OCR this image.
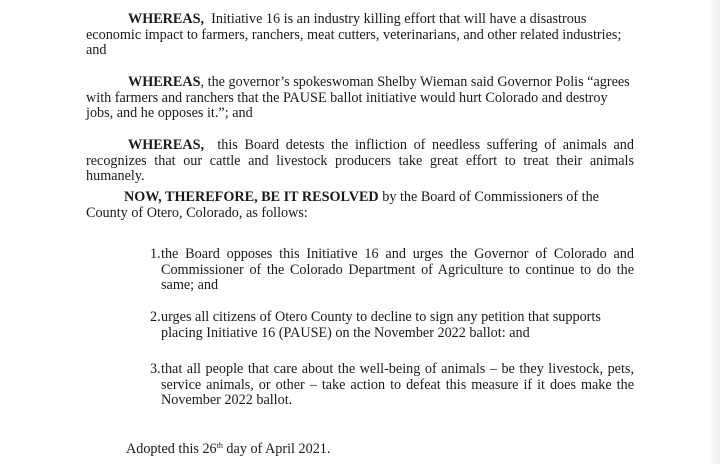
WHEREAS,  Initiative 16 is an industry killing effort that will have a disastrous economic impact to farmers, ranchers, meat cutters, veterinarians, and other related industries; and

WHEREAS, the governor’s spokeswoman Shelby Wieman said Governor Polis “agrees with farmers and ranchers that the PAUSE ballot initiative would hurt Colorado and destroy jobs, and he opposes it.”; and

WHEREAS,  this Board detests the infliction of needless suffering of animals and recognizes that our cattle and livestock producers take great effort to treat their animals humanely.

NOW, THEREFORE, BE IT RESOLVED by the Board of Commissioners of the County of Otero, Colorado, as follows:

1. the Board opposes this Initiative 16 and urges the Governor of Colorado and Commissioner of the Colorado Department of Agriculture to continue to do the same; and
2. urges all citizens of Otero County to decline to sign any petition that supports placing Initiative 16 (PAUSE) on the November 2022 ballot: and
3. that all people that care about the well-being of animals – be they livestock, pets, service animals, or other – take action to defeat this measure if it does make the November 2022 ballot.

Adopted this 26th day of April 2021.
